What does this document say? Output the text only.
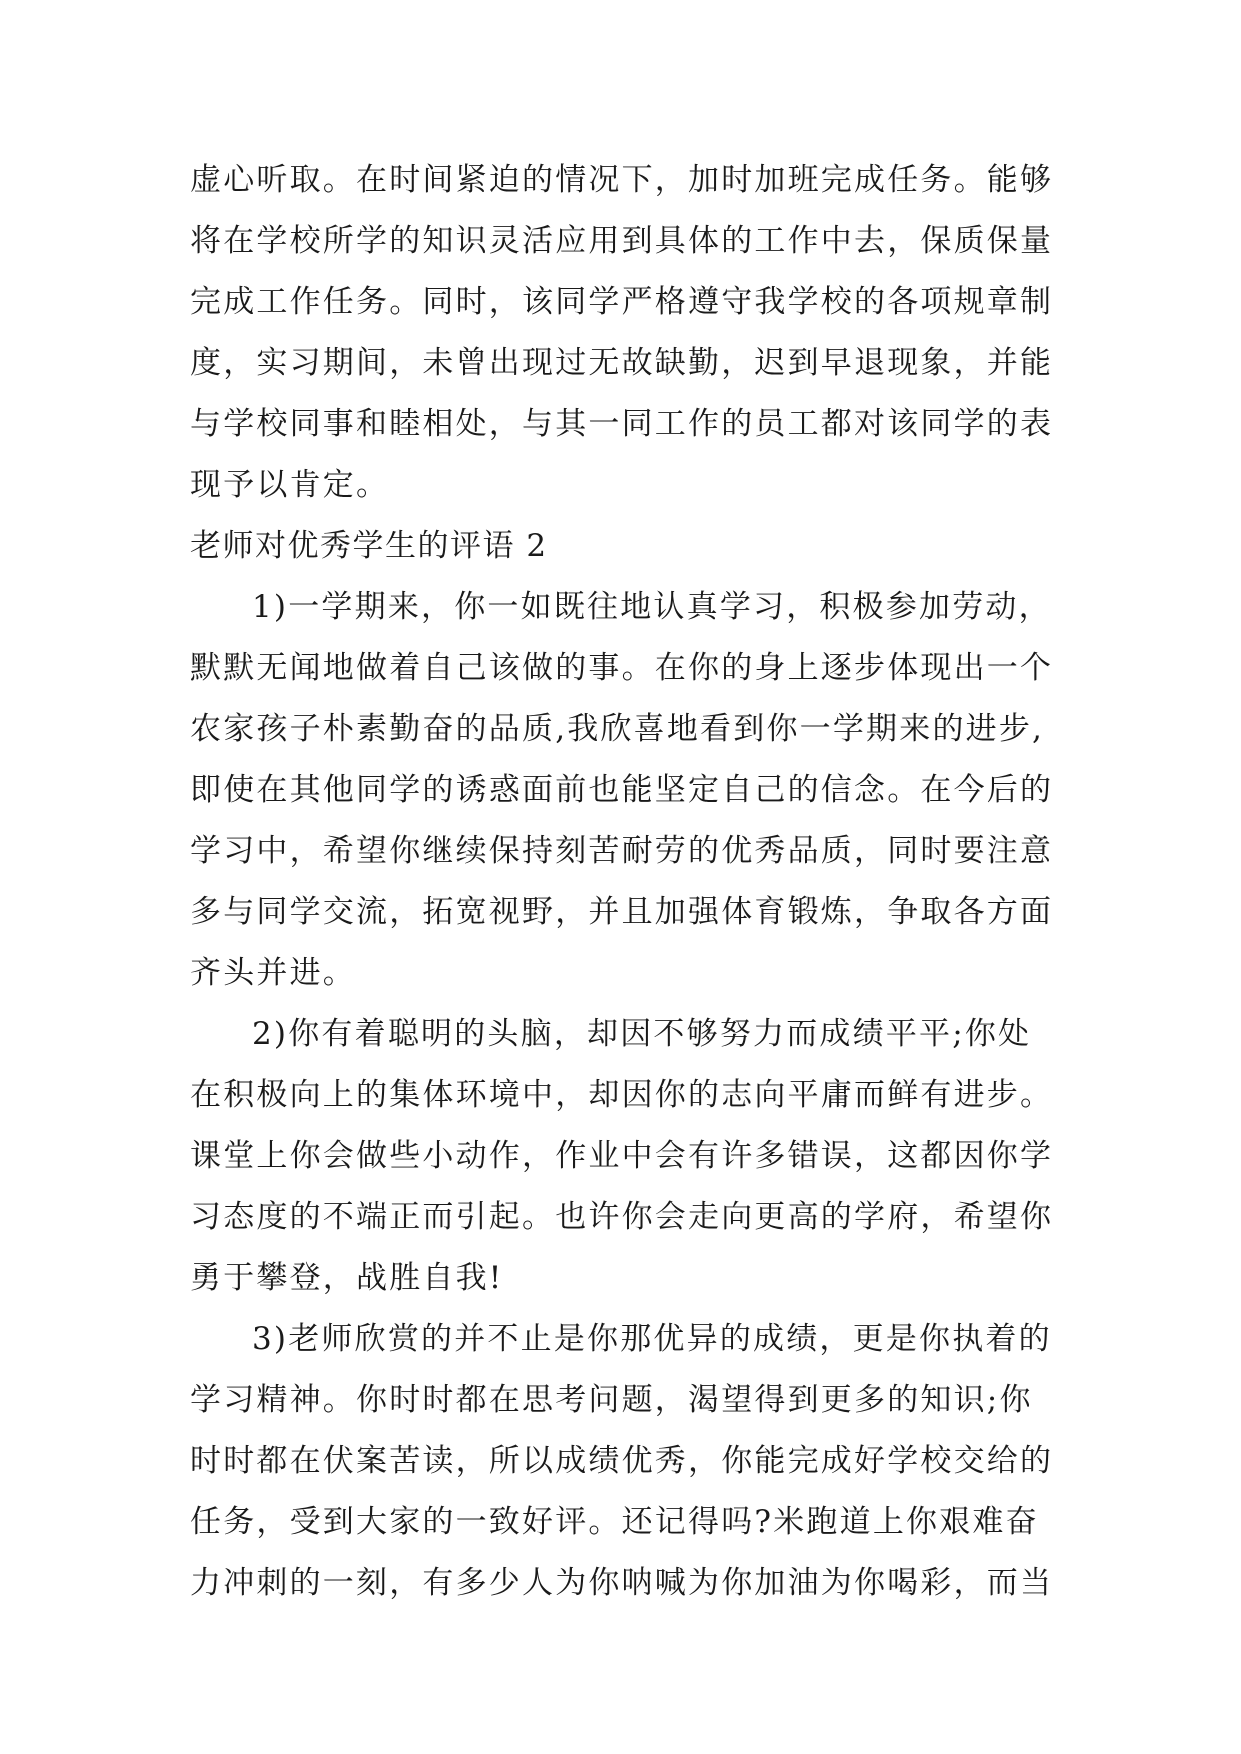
虚心听取。在时间紧迫的情况下，加时加班完成任务。能够
将在学校所学的知识灵活应用到具体的工作中去，保质保量
完成工作任务。同时，该同学严格遵守我学校的各项规章制
度，实习期间，未曾出现过无故缺勤，迟到早退现象，并能
与学校同事和睦相处，与其一同工作的员工都对该同学的表
现予以肯定。
老师对优秀学生的评语 2
1)一学期来，你一如既往地认真学习，积极参加劳动，
默默无闻地做着自己该做的事。在你的身上逐步体现出一个
农家孩子朴素勤奋的品质,我欣喜地看到你一学期来的进步,
即使在其他同学的诱惑面前也能坚定自己的信念。在今后的
学习中，希望你继续保持刻苦耐劳的优秀品质，同时要注意
多与同学交流，拓宽视野，并且加强体育锻炼，争取各方面
齐头并进。
2)你有着聪明的头脑，却因不够努力而成绩平平;你处
在积极向上的集体环境中，却因你的志向平庸而鲜有进步。
课堂上你会做些小动作，作业中会有许多错误，这都因你学
习态度的不端正而引起。也许你会走向更高的学府，希望你
勇于攀登，战胜自我!
3)老师欣赏的并不止是你那优异的成绩，更是你执着的
学习精神。你时时都在思考问题，渴望得到更多的知识;你
时时都在伏案苦读，所以成绩优秀，你能完成好学校交给的
任务，受到大家的一致好评。还记得吗?米跑道上你艰难奋
力冲刺的一刻，有多少人为你呐喊为你加油为你喝彩，而当
